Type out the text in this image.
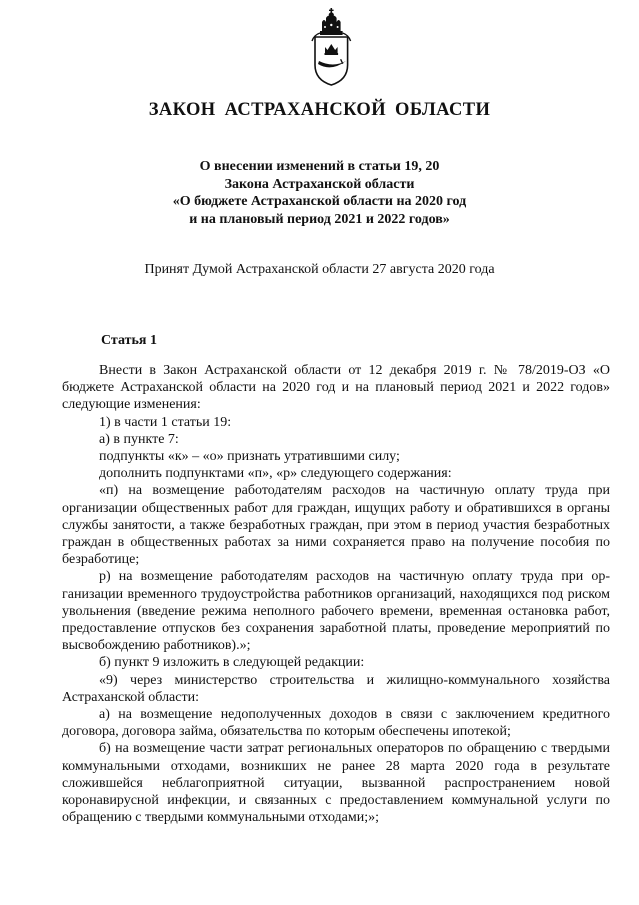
ЗАКОН АСТРАХАНСКОЙ ОБЛАСТИ
О внесении изменений в статьи 19, 20
Закона Астраханской области
«О бюджете Астраханской области на 2020 год
и на плановый период 2021 и 2022 годов»
Принят Думой Астраханской области 27 августа 2020 года
Статья 1

Внести в Закон Астраханской области от 12 декабря 2019 г. № 78/2019-ОЗ «О бюджете Астраханской области на 2020 год и на плановый период 2021 и 2022 годов» следующие изменения:

1) в части 1 статьи 19:

а) в пункте 7:

подпункты «к» – «о» признать утратившими силу;

дополнить подпунктами «п», «р» следующего содержания:

«п) на возмещение работодателям расходов на частичную оплату труда при организации общественных работ для граждан, ищущих работу и обратившихся в органы службы занятости, а также безработных граждан, при этом в период участия безработных граждан в общественных работах за ними сохраняется право на получение пособия по безработице;

р) на возмещение работодателям расходов на частичную оплату труда при организации временного трудоустройства работников организаций, находящихся под риском увольнения (введение режима неполного рабочего времени, временная остановка работ, предоставление отпусков без сохранения заработной платы, проведение мероприятий по высвобождению работников).»;

б) пункт 9 изложить в следующей редакции:

«9) через министерство строительства и жилищно-коммунального хозяйства Астраханской области:

а) на возмещение недополученных доходов в связи с заключением кредитного договора, договора займа, обязательства по которым обеспечены ипотекой;

б) на возмещение части затрат региональных операторов по обращению с твердыми коммунальными отходами, возникших не ранее 28 марта 2020 года в результате сложившейся неблагоприятной ситуации, вызванной распространением новой коронавирусной инфекции, и связанных с предоставлением коммунальной услуги по обращению с твердыми коммунальными отходами;»;
